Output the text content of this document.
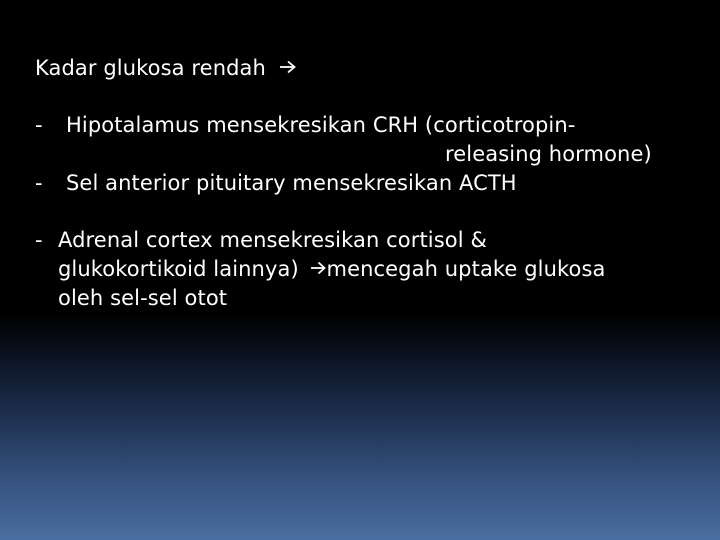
Kadar glukosa rendah
- Hipotalamus mensekresikan CRH (corticotropin-
releasing hormone)
- Sel anterior pituitary mensekresikan ACTH
- Adrenal cortex mensekresikan cortisol &
glukokortikoid lainnya) mencegah uptake glukosa
oleh sel-sel otot
